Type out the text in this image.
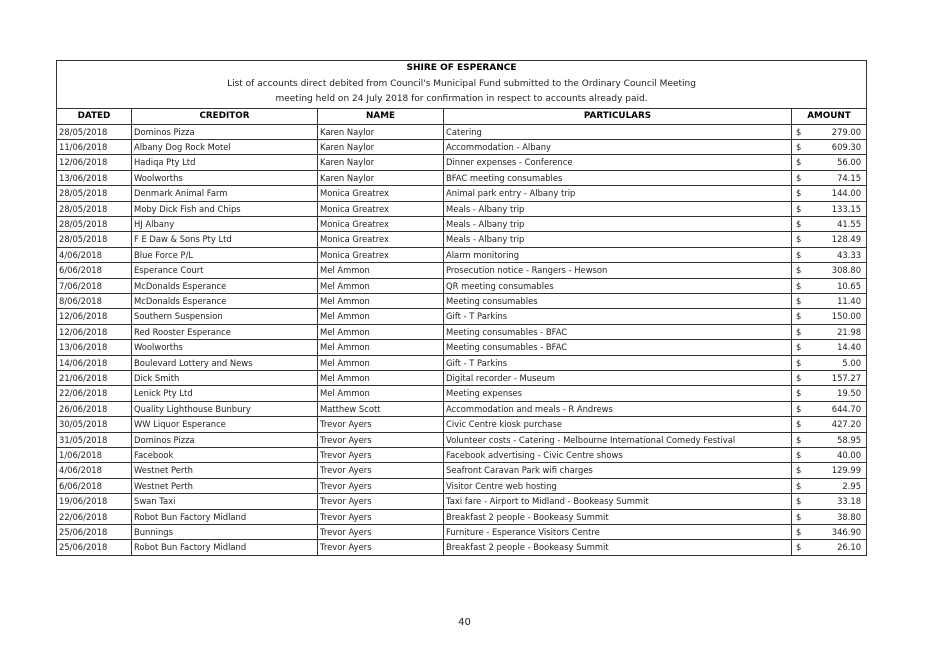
SHIRE OF ESPERANCE				
List of accounts direct debited from Council's Municipal Fund submitted to the Ordinary Council Meeting				
meeting held on 24 July 2018 for confirmation in respect to accounts already paid.				
DATED	CREDITOR	NAME	PARTICULARS	AMOUNT
28/05/2018	Dominos Pizza	Karen Naylor	Catering	$ 279.00
11/06/2018	Albany Dog Rock Motel	Karen Naylor	Accommodation - Albany	$ 609.30
12/06/2018	Hadiqa Pty Ltd	Karen Naylor	Dinner expenses - Conference	$ 56.00
13/06/2018	Woolworths	Karen Naylor	BFAC meeting consumables	$ 74.15
28/05/2018	Denmark Animal Farm	Monica Greatrex	Animal park entry - Albany trip	$ 144.00
28/05/2018	Moby Dick Fish and Chips	Monica Greatrex	Meals - Albany trip	$ 133.15
28/05/2018	HJ Albany	Monica Greatrex	Meals - Albany trip	$ 41.55
28/05/2018	F E Daw & Sons Pty Ltd	Monica Greatrex	Meals - Albany trip	$ 128.49
4/06/2018	Blue Force P/L	Monica Greatrex	Alarm monitoring	$ 43.33
6/06/2018	Esperance Court	Mel Ammon	Prosecution notice - Rangers - Hewson	$ 308.80
7/06/2018	McDonalds Esperance	Mel Ammon	QR meeting consumables	$ 10.65
8/06/2018	McDonalds Esperance	Mel Ammon	Meeting consumables	$ 11.40
12/06/2018	Southern Suspension	Mel Ammon	Gift - T Parkins	$ 150.00
12/06/2018	Red Rooster Esperance	Mel Ammon	Meeting consumables - BFAC	$ 21.98
13/06/2018	Woolworths	Mel Ammon	Meeting consumables - BFAC	$ 14.40
14/06/2018	Boulevard Lottery and News	Mel Ammon	Gift - T Parkins	$ 5.00
21/06/2018	Dick Smith	Mel Ammon	Digital recorder - Museum	$ 157.27
22/06/2018	Lenick Pty Ltd	Mel Ammon	Meeting expenses	$ 19.50
26/06/2018	Quality Lighthouse Bunbury	Matthew Scott	Accommodation and meals - R Andrews	$ 644.70
30/05/2018	WW Liquor Esperance	Trevor Ayers	Civic Centre kiosk purchase	$ 427.20
31/05/2018	Dominos Pizza	Trevor Ayers	Volunteer costs - Catering - Melbourne International Comedy Festival	$ 58.95
1/06/2018	Facebook	Trevor Ayers	Facebook advertising - Civic Centre shows	$ 40.00
4/06/2018	Westnet Perth	Trevor Ayers	Seafront Caravan Park wifi charges	$ 129.99
6/06/2018	Westnet Perth	Trevor Ayers	Visitor Centre web hosting	$ 2.95
19/06/2018	Swan Taxi	Trevor Ayers	Taxi fare - Airport to Midland - Bookeasy Summit	$ 33.18
22/06/2018	Robot Bun Factory Midland	Trevor Ayers	Breakfast 2 people - Bookeasy Summit	$ 38.80
25/06/2018	Bunnings	Trevor Ayers	Furniture - Esperance Visitors Centre	$ 346.90
25/06/2018	Robot Bun Factory Midland	Trevor Ayers	Breakfast 2 people - Bookeasy Summit	$ 26.10
40
